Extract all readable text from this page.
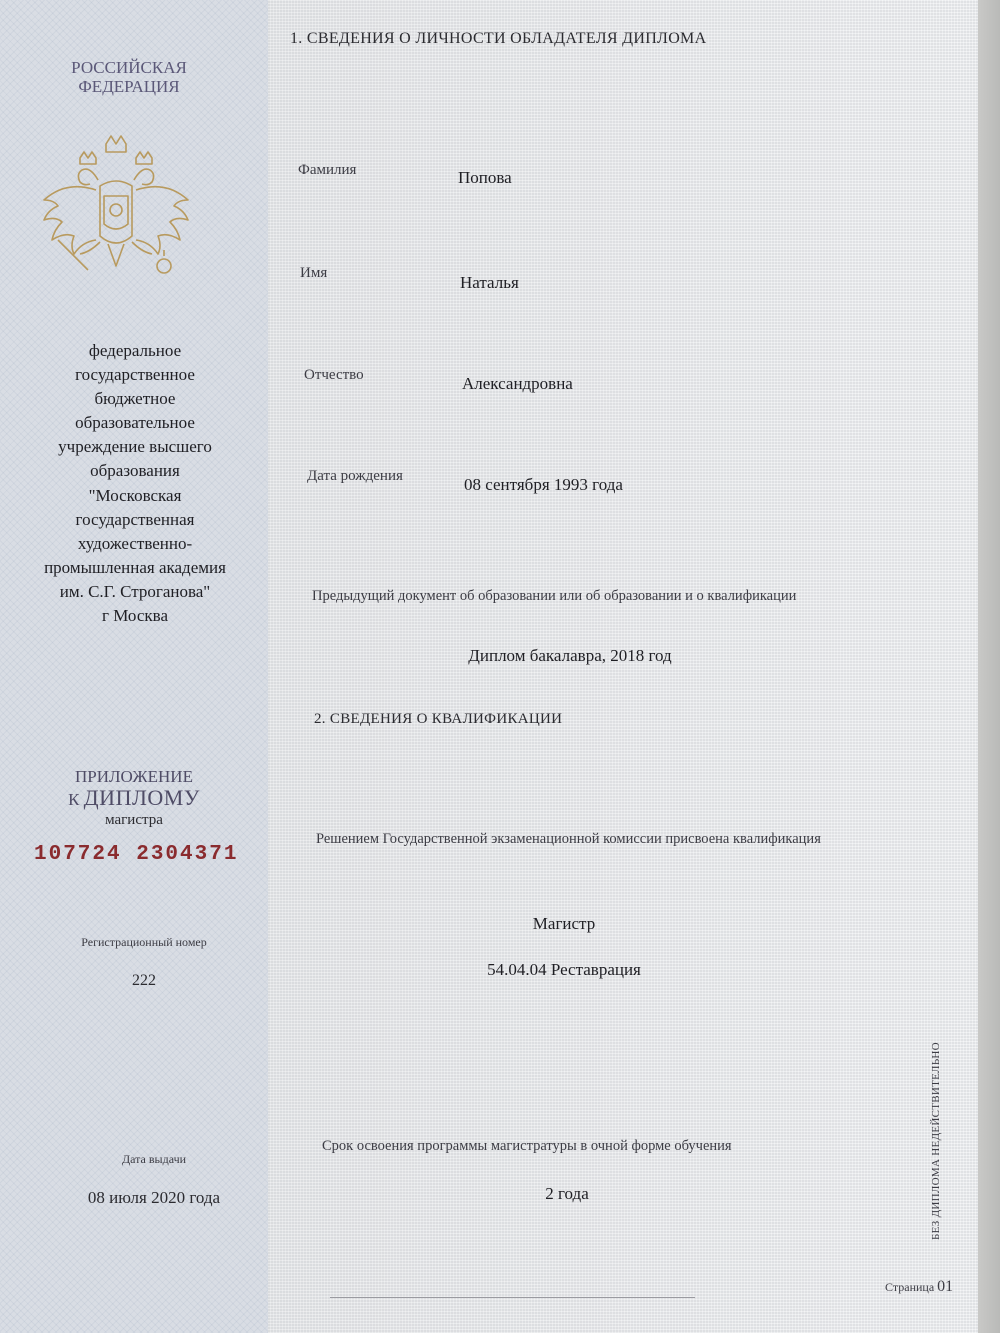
РОССИЙСКАЯ
ФЕДЕРАЦИЯ
федеральное
государственное
бюджетное
образовательное
учреждение высшего
образования
"Московская
государственная
художественно-
промышленная академия
им. С.Г. Строганова"
г Москва
ПРИЛОЖЕНИЕ
К ДИПЛОМУ
магистра
107724 2304371
Регистрационный номер
222
Дата выдачи
08 июля 2020 года
1. СВЕДЕНИЯ О ЛИЧНОСТИ ОБЛАДАТЕЛЯ ДИПЛОМА
Фамилия	Попова
Имя	Наталья
Отчество	Александровна
Дата рождения	08 сентября 1993 года
Предыдущий документ об образовании или об образовании и о квалификации
Диплом бакалавра, 2018 год
2. СВЕДЕНИЯ О КВАЛИФИКАЦИИ
Решением Государственной экзаменационной комиссии присвоена квалификация
Магистр
54.04.04 Реставрация
Срок освоения программы магистратуры в очной форме обучения
2 года	БЕЗ ДИПЛОМА НЕДЕЙСТВИТЕЛЬНО
Страница 01
